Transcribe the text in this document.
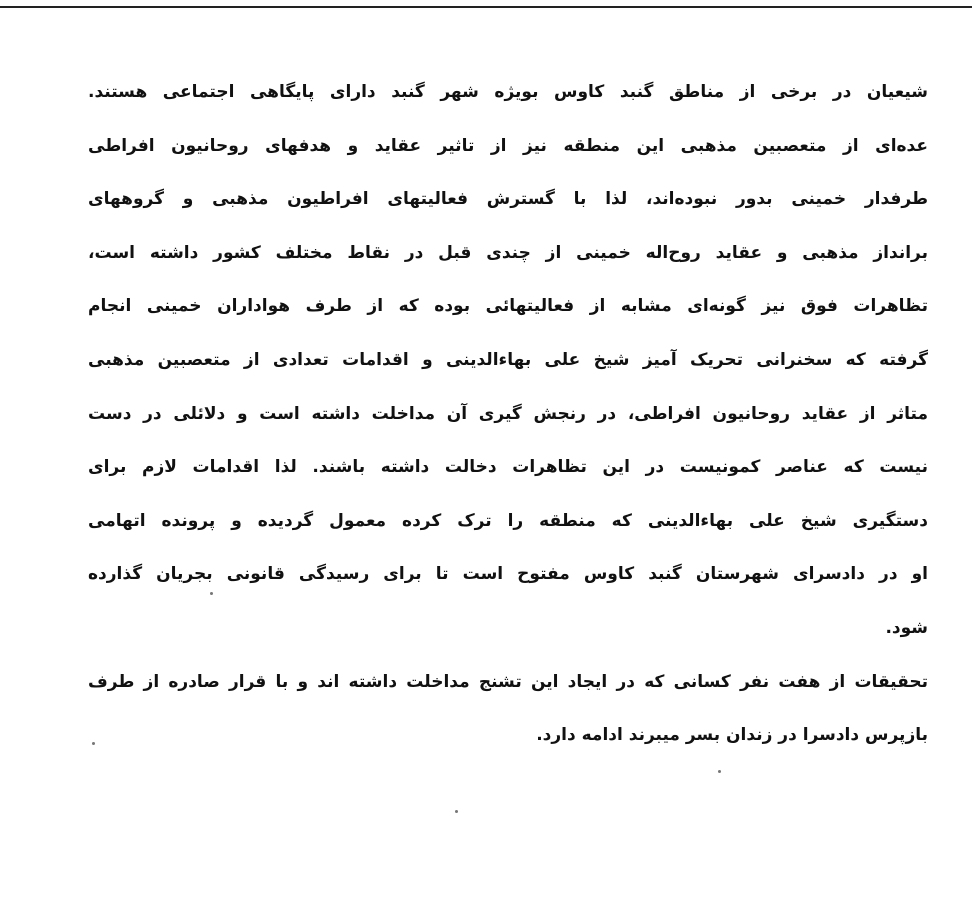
شیعیان در برخی از مناطق گنبد کاوس بویژه شهر گنبد دارای پایگاهی اجتماعی هستند.
عده‌ای از متعصبین مذهبی این منطقه نیز از تاثیر عقاید و هدفهای روحانیون افراطی
طرفدار خمینی بدور نبوده‌اند، لذا با گسترش فعالیتهای افراطیون مذهبی و گروههای
برانداز مذهبی و عقاید روح‌اله خمینی از چندی قبل در نقاط مختلف کشور داشته است،
تظاهرات فوق نیز گونه‌ای مشابه از فعالیتهائی بوده که از طرف هواداران خمینی انجام
گرفته که سخنرانی تحریک آمیز شیخ علی بهاءالدینی و اقدامات تعدادی از متعصبین مذهبی
متاثر از عقاید روحانیون افراطی، در رنجش گیری آن مداخلت داشته است و دلائلی در دست
نیست که عناصر کمونیست در این تظاهرات دخالت داشته باشند. لذا اقدامات لازم برای
دستگیری شیخ علی بهاءالدینی که منطقه را ترک کرده معمول گردیده و پرونده اتهامی
او در دادسرای شهرستان گنبد کاوس مفتوح است تا برای رسیدگی قانونی بجریان گذارده
شود.
تحقیقات از هفت نفر کسانی که در ایجاد این تشنج مداخلت داشته اند و با قرار صادره از طرف
بازپرس دادسرا در زندان بسر میبرند ادامه دارد.
